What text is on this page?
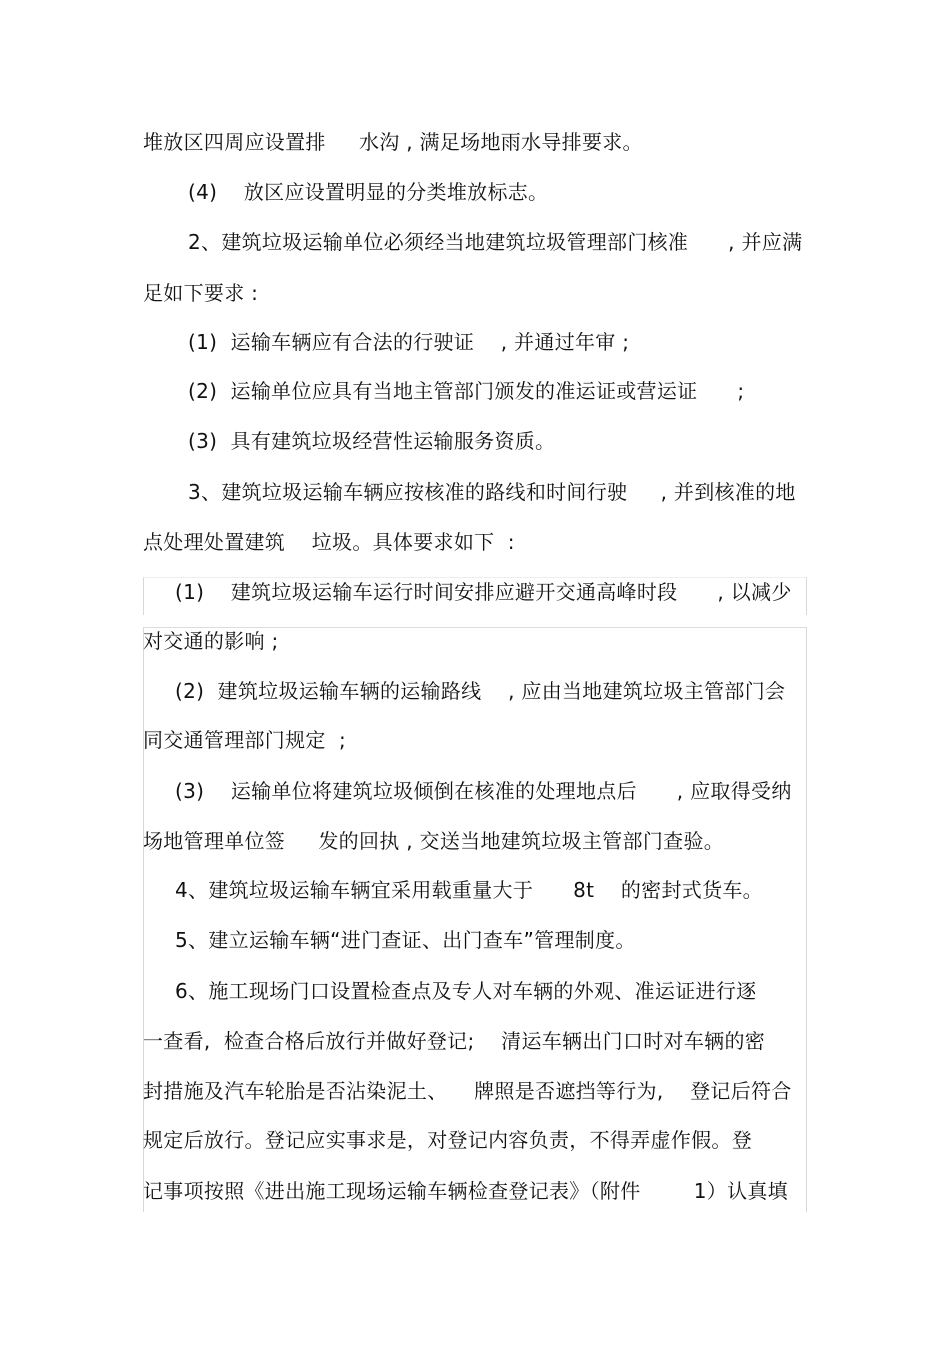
堆放区四周应设置排     水沟 , 满足场地雨水导排要求。
(4)    放区应设置明显的分类堆放标志。
2、建筑垃圾运输单位必须经当地建筑垃圾管理部门核准      , 并应满
足如下要求 :
(1)  运输车辆应有合法的行驶证    , 并通过年审 ;
(2)  运输单位应具有当地主管部门颁发的准运证或营运证      ;
(3)  具有建筑垃圾经营性运输服务资质。
3、建筑垃圾运输车辆应按核准的路线和时间行驶     , 并到核准的地
点处理处置建筑    垃圾。具体要求如下  :
(1)    建筑垃圾运输车运行时间安排应避开交通高峰时段      , 以减少
对交通的影响 ;
(2)  建筑垃圾运输车辆的运输路线    , 应由当地建筑垃圾主管部门会
同交通管理部门规定  ;
(3)    运输单位将建筑垃圾倾倒在核准的处理地点后      , 应取得受纳
场地管理单位签     发的回执 , 交送当地建筑垃圾主管部门查验。
4、建筑垃圾运输车辆宜采用载重量大于      8t    的密封式货车。
5、建立运输车辆“进门查证、出门查车”管理制度。
6、施工现场门口设置检查点及专人对车辆的外观、准运证进行逐
一查看,  检查合格后放行并做好登记;    清运车辆出门口时对车辆的密
封措施及汽车轮胎是否沾染泥土、    牌照是否遮挡等行为,    登记后符合
规定后放行。登记应实事求是，对登记内容负责，不得弄虚作假。登
记事项按照《进出施工现场运输车辆检查登记表》（附件        1）认真填
